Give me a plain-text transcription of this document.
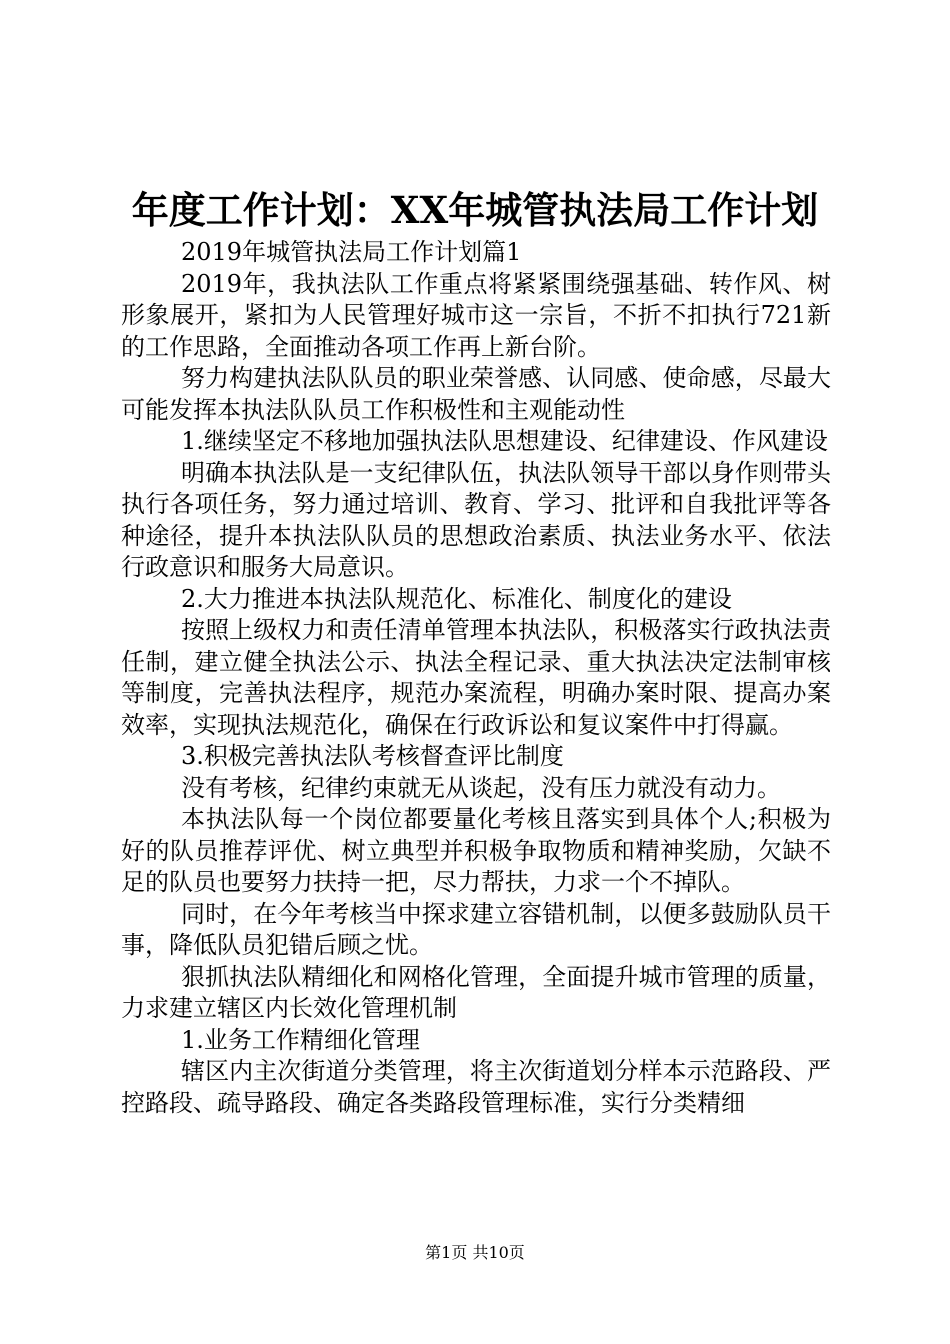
年度工作计划：XX年城管执法局工作计划

2019年城管执法局工作计划篇1

2019年，我执法队工作重点将紧紧围绕强基础、转作风、树形象展开，紧扣为人民管理好城市这一宗旨，不折不扣执行721新的工作思路，全面推动各项工作再上新台阶。

努力构建执法队队员的职业荣誉感、认同感、使命感，尽最大可能发挥本执法队队员工作积极性和主观能动性

1.继续坚定不移地加强执法队思想建设、纪律建设、作风建设

明确本执法队是一支纪律队伍，执法队领导干部以身作则带头执行各项任务，努力通过培训、教育、学习、批评和自我批评等各种途径，提升本执法队队员的思想政治素质、执法业务水平、依法行政意识和服务大局意识。

2.大力推进本执法队规范化、标准化、制度化的建设

按照上级权力和责任清单管理本执法队，积极落实行政执法责任制，建立健全执法公示、执法全程记录、重大执法决定法制审核等制度，完善执法程序，规范办案流程，明确办案时限、提高办案效率，实现执法规范化，确保在行政诉讼和复议案件中打得赢。

3.积极完善执法队考核督查评比制度

没有考核，纪律约束就无从谈起，没有压力就没有动力。

本执法队每一个岗位都要量化考核且落实到具体个人;积极为好的队员推荐评优、树立典型并积极争取物质和精神奖励，欠缺不足的队员也要努力扶持一把，尽力帮扶，力求一个不掉队。

同时，在今年考核当中探求建立容错机制，以便多鼓励队员干事，降低队员犯错后顾之忧。

狠抓执法队精细化和网格化管理，全面提升城市管理的质量，力求建立辖区内长效化管理机制

1.业务工作精细化管理

辖区内主次街道分类管理，将主次街道划分样本示范路段、严控路段、疏导路段、确定各类路段管理标准，实行分类精细

第1页 共10页
